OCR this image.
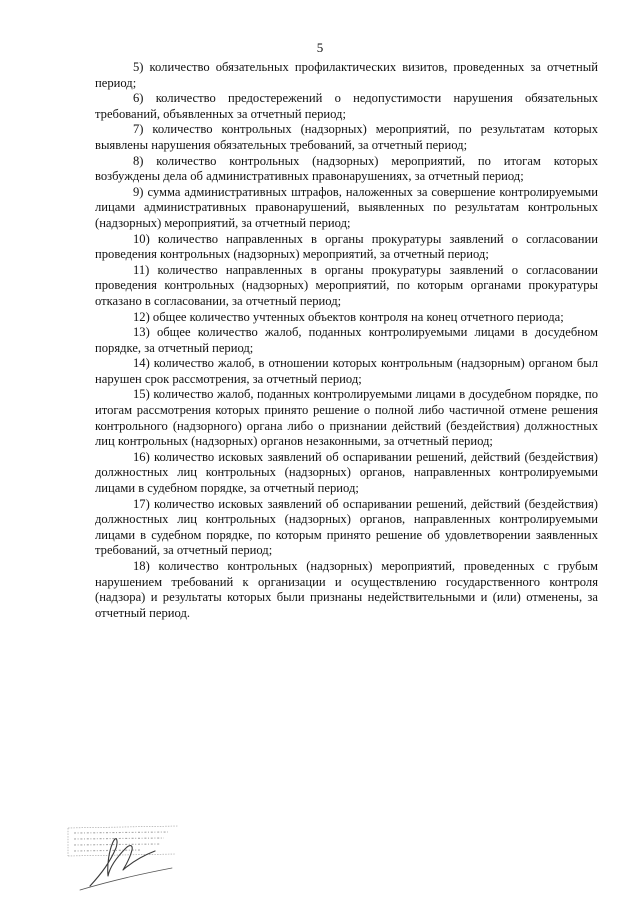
5

5) количество обязательных профилактических визитов, проведенных за отчетный период;

6) количество предостережений о недопустимости нарушения обязательных требований, объявленных за отчетный период;

7) количество контрольных (надзорных) мероприятий, по результатам которых выявлены нарушения обязательных требований, за отчетный период;

8) количество контрольных (надзорных) мероприятий, по итогам которых возбуждены дела об административных правонарушениях, за отчетный период;

9) сумма административных штрафов, наложенных за совершение контролируемыми лицами административных правонарушений, выявленных по результатам контрольных (надзорных) мероприятий, за отчетный период;

10) количество направленных в органы прокуратуры заявлений о согласовании проведения контрольных (надзорных) мероприятий, за отчетный период;

11) количество направленных в органы прокуратуры заявлений о согласовании проведения контрольных (надзорных) мероприятий, по которым органами прокуратуры отказано в согласовании, за отчетный период;

12) общее количество учтенных объектов контроля на конец отчетного периода;

13) общее количество жалоб, поданных контролируемыми лицами в досудебном порядке, за отчетный период;

14) количество жалоб, в отношении которых контрольным (надзорным) органом был нарушен срок рассмотрения, за отчетный период;

15) количество жалоб, поданных контролируемыми лицами в досудебном порядке, по итогам рассмотрения которых принято решение о полной либо частичной отмене решения контрольного (надзорного) органа либо о признании действий (бездействия) должностных лиц контрольных (надзорных) органов незаконными, за отчетный период;

16) количество исковых заявлений об оспаривании решений, действий (бездействия) должностных лиц контрольных (надзорных) органов, направленных контролируемыми лицами в судебном порядке, за отчетный период;

17) количество исковых заявлений об оспаривании решений, действий (бездействия) должностных лиц контрольных (надзорных) органов, направленных контролируемыми лицами в судебном порядке, по которым принято решение об удовлетворении заявленных требований, за отчетный период;

18) количество контрольных (надзорных) мероприятий, проведенных с грубым нарушением требований к организации и осуществлению государственного контроля (надзора) и результаты которых были признаны недействительными и (или) отменены, за отчетный период.
